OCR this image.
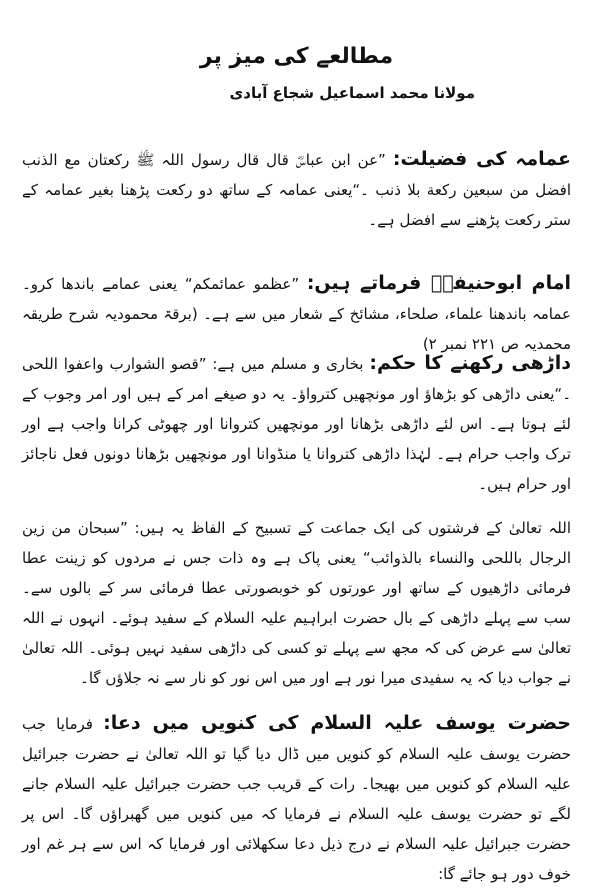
مطالعے کی میز پر

مولانا محمد اسماعیل شجاع آبادی

عمامہ کی فضیلت: ”عن ابن عباسؓ قال قال رسول اللہ ﷺ رکعتان مع الذنب افضل من سبعین رکعة بلا ذنب ۔“یعنی عمامہ کے ساتھ دو رکعت پڑھنا بغیر عمامہ کے ستر رکعت پڑھنے سے افضل ہے۔

امام ابوحنیفہؒ فرماتے ہیں: ”عظمو عمائمکم“ یعنی عمامے باندھا کرو۔ عمامہ باندھنا علماء، صلحاء، مشائخ کے شعار میں سے ہے۔ (برقۃ محمودیہ شرح طریقہ محمدیہ ص ۲۲۱ نمبر ۲)

داڑھی رکھنے کا حکم: بخاری و مسلم میں ہے: ”قصو الشوارب واعفوا اللحی ۔“یعنی داڑھی کو بڑھاؤ اور مونچھیں کترواؤ۔ یہ دو صیغے امر کے ہیں اور امر وجوب کے لئے ہوتا ہے۔ اس لئے داڑھی بڑھانا اور مونچھیں کتروانا اور چھوٹی کرانا واجب ہے اور ترک واجب حرام ہے۔ لہٰذا داڑھی کتروانا یا منڈوانا اور مونچھیں بڑھانا دونوں فعل ناجائز اور حرام ہیں۔

اللہ تعالیٰ کے فرشتوں کی ایک جماعت کے تسبیح کے الفاظ یہ ہیں: ”سبحان من زین الرجال باللحی والنساء بالذوائب“ یعنی پاک ہے وہ ذات جس نے مردوں کو زینت عطا فرمائی داڑھیوں کے ساتھ اور عورتوں کو خوبصورتی عطا فرمائی سر کے بالوں سے۔ سب سے پہلے داڑھی کے بال حضرت ابراہیم علیہ السلام کے سفید ہوئے۔ انہوں نے اللہ تعالیٰ سے عرض کی کہ مجھ سے پہلے تو کسی کی داڑھی سفید نہیں ہوئی۔ اللہ تعالیٰ نے جواب دیا کہ یہ سفیدی میرا نور ہے اور میں اس نور کو نار سے نہ جلاؤں گا۔

حضرت یوسف علیہ السلام کی کنویں میں دعا: فرمایا جب حضرت یوسف علیہ السلام کو کنویں میں ڈال دیا گیا تو اللہ تعالیٰ نے حضرت جبرائیل علیہ السلام کو کنویں میں بھیجا۔ رات کے قریب جب حضرت جبرائیل علیہ السلام جانے لگے تو حضرت یوسف علیہ السلام نے فرمایا کہ میں کنویں میں گھبراؤں گا۔ اس پر حضرت جبرائیل علیہ السلام نے درج ذیل دعا سکھلائی اور فرمایا کہ اس سے ہر غم اور خوف دور ہو جائے گا:
